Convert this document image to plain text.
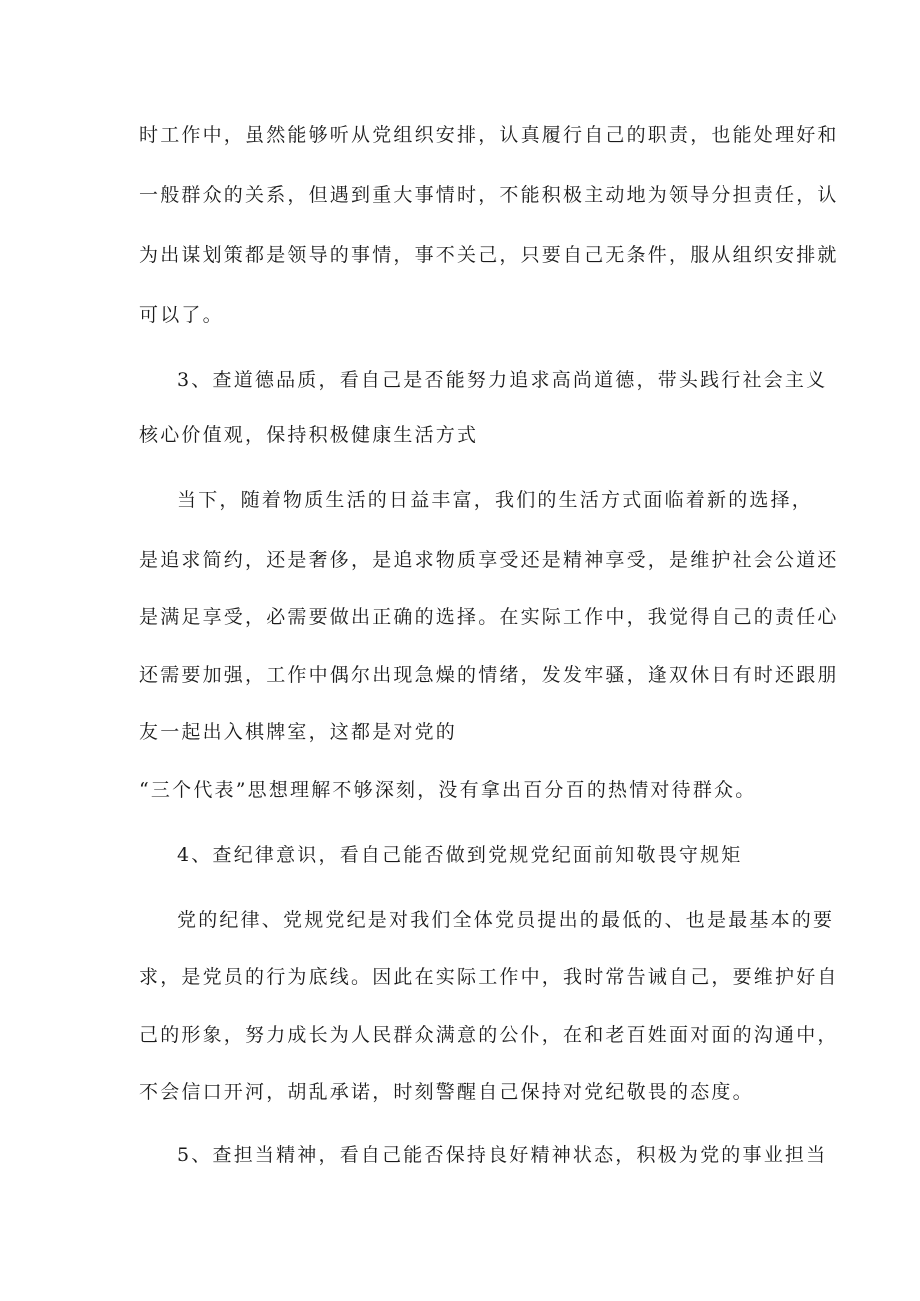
时工作中，虽然能够听从党组织安排，认真履行自己的职责，也能处理好和
一般群众的关系，但遇到重大事情时，不能积极主动地为领导分担责任，认
为出谋划策都是领导的事情，事不关己，只要自己无条件，服从组织安排就
可以了。
3、查道德品质，看自己是否能努力追求高尚道德，带头践行社会主义
核心价值观，保持积极健康生活方式
当下，随着物质生活的日益丰富，我们的生活方式面临着新的选择，
是追求简约，还是奢侈，是追求物质享受还是精神享受，是维护社会公道还
是满足享受，必需要做出正确的选择。在实际工作中，我觉得自己的责任心
还需要加强，工作中偶尔出现急燥的情绪，发发牢骚，逢双休日有时还跟朋
友一起出入棋牌室，这都是对党的
“三个代表”思想理解不够深刻，没有拿出百分百的热情对待群众。
4、查纪律意识，看自己能否做到党规党纪面前知敬畏守规矩
党的纪律、党规党纪是对我们全体党员提出的最低的、也是最基本的要
求，是党员的行为底线。因此在实际工作中，我时常告诫自己，要维护好自
己的形象，努力成长为人民群众满意的公仆，在和老百姓面对面的沟通中，
不会信口开河，胡乱承诺，时刻警醒自己保持对党纪敬畏的态度。
5、查担当精神，看自己能否保持良好精神状态，积极为党的事业担当
